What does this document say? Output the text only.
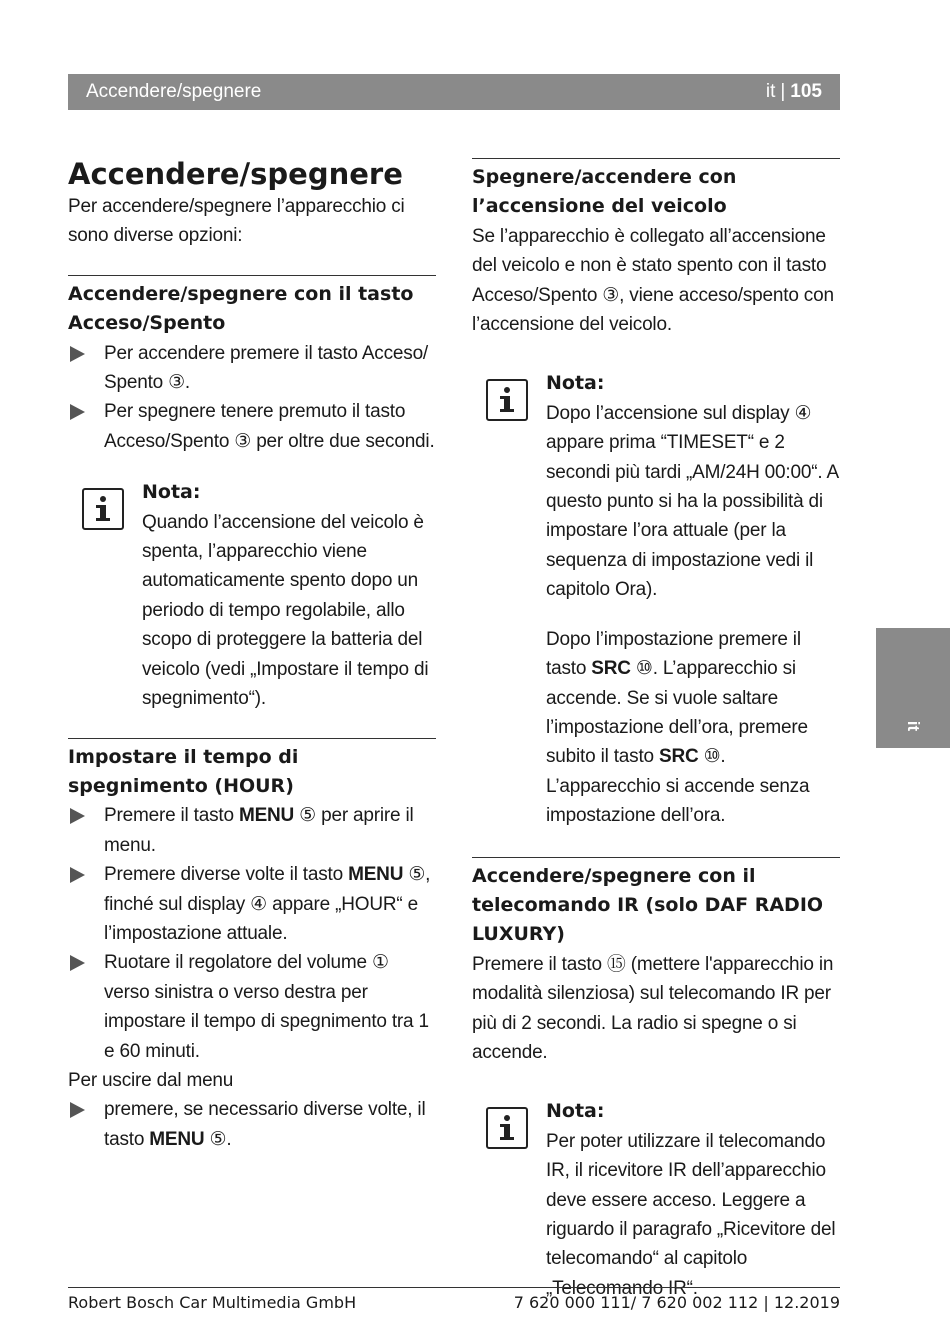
Accendere/spegnere	it | 105
it
Accendere/spegnere

Per accendere/spegnere l’apparecchio ci sono diverse opzioni:

Accendere/spegnere con il tasto Acceso/Spento

Per accendere premere il tasto Acceso/ Spento ③.
Per spegnere tenere premuto il tasto Acceso/Spento ③ per oltre due secondi.

Nota:

Quando l’accensione del veicolo è spenta, l’apparecchio viene automaticamente spento dopo un periodo di tempo regolabile, allo scopo di proteggere la batteria del veicolo (vedi „Impostare il tempo di spegnimento“).

Impostare il tempo di spegnimento (HOUR)

Premere il tasto MENU ⑤ per aprire il menu.
Premere diverse volte il tasto MENU ⑤, finché sul display ④ appare „HOUR“ e l’impostazione attuale.
Ruotare il regolatore del volume ① verso sinistra o verso destra per impostare il tempo di spegnimento tra 1 e 60 minuti.

Per uscire dal menu

premere, se necessario diverse volte, il tasto MENU ⑤.

Spegnere/accendere con l’accensione del veicolo

Se l’apparecchio è collegato all’accensione del veicolo e non è stato spento con il tasto Acceso/Spento ③, viene acceso/spento con l’accensione del veicolo.

Nota:

Dopo l’accensione sul display ④ appare prima “TIMESET“ e 2 secondi più tardi „AM/24H 00:00“. A questo punto si ha la possibilità di impostare l’ora attuale (per la sequenza di impostazione vedi il capitolo Ora).

Dopo l’impostazione premere il tasto SRC ⑩. L’apparecchio si accende. Se si vuole saltare l’impostazione dell’ora, premere subito il tasto SRC ⑩. L’apparecchio si accende senza impostazione dell’ora.

Accendere/spegnere con il telecomando IR (solo DAF RADIO LUXURY)

Premere il tasto ⑮ (mettere l'apparecchio in modalità silenziosa) sul telecomando IR per più di 2 secondi. La radio si spegne o si accende.

Nota:

Per poter utilizzare il telecomando IR, il ricevitore IR dell’apparecchio deve essere acceso. Leggere a riguardo il paragrafo „Ricevitore del telecomando“ al capitolo „Telecomando IR“.

Robert Bosch Car Multimedia GmbH	7 620 000 111/ 7 620 002 112 | 12.2019
